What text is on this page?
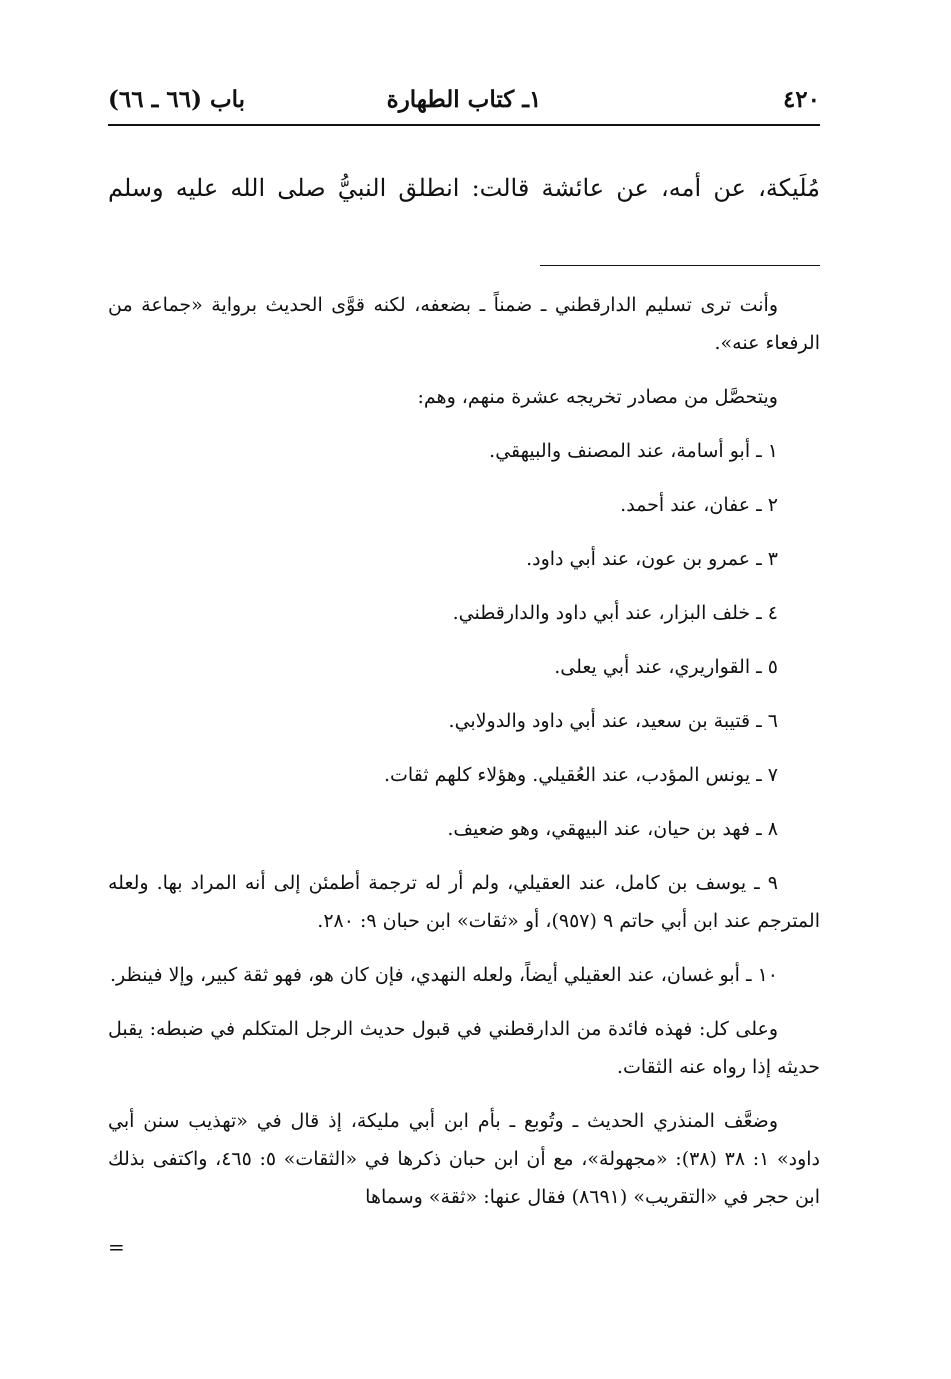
٤٢٠
١ـ كتاب الطهارة
باب (٦٦ ـ ٦٦)
مُلَيكة، عن أمه، عن عائشة قالت: انطلق النبيُّ صلى الله عليه وسلم

وأنت ترى تسليم الدارقطني ـ ضمناً ـ بضعفه، لكنه قوَّى الحديث برواية «جماعة من الرفعاء عنه».

ويتحصَّل من مصادر تخريجه عشرة منهم، وهم:

١ ـ أبو أسامة، عند المصنف والبيهقي.

٢ ـ عفان، عند أحمد.

٣ ـ عمرو بن عون، عند أبي داود.

٤ ـ خلف البزار، عند أبي داود والدارقطني.

٥ ـ القواريري، عند أبي يعلى.

٦ ـ قتيبة بن سعيد، عند أبي داود والدولابي.

٧ ـ يونس المؤدب، عند العُقيلي. وهؤلاء كلهم ثقات.

٨ ـ فهد بن حيان، عند البيهقي، وهو ضعيف.

٩ ـ يوسف بن كامل، عند العقيلي، ولم أر له ترجمة أطمئن إلى أنه المراد بها. ولعله المترجم عند ابن أبي حاتم ٩ (٩٥٧)، أو «ثقات» ابن حبان ٩: ٢٨٠.

١٠ ـ أبو غسان، عند العقيلي أيضاً، ولعله النهدي، فإن كان هو، فهو ثقة كبير، وإلا فينظر.

وعلى كل: فهذه فائدة من الدارقطني في قبول حديث الرجل المتكلم في ضبطه: يقبل حديثه إذا رواه عنه الثقات.

وضعَّف المنذري الحديث ـ وتُوبع ـ بأم ابن أبي مليكة، إذ قال في «تهذيب سنن أبي داود» ١: ٣٨ (٣٨): «مجهولة»، مع أن ابن حبان ذكرها في «الثقات» ٥: ٤٦٥، واكتفى بذلك ابن حجر في «التقريب» (٨٦٩١) فقال عنها: «ثقة» وسماها

=
